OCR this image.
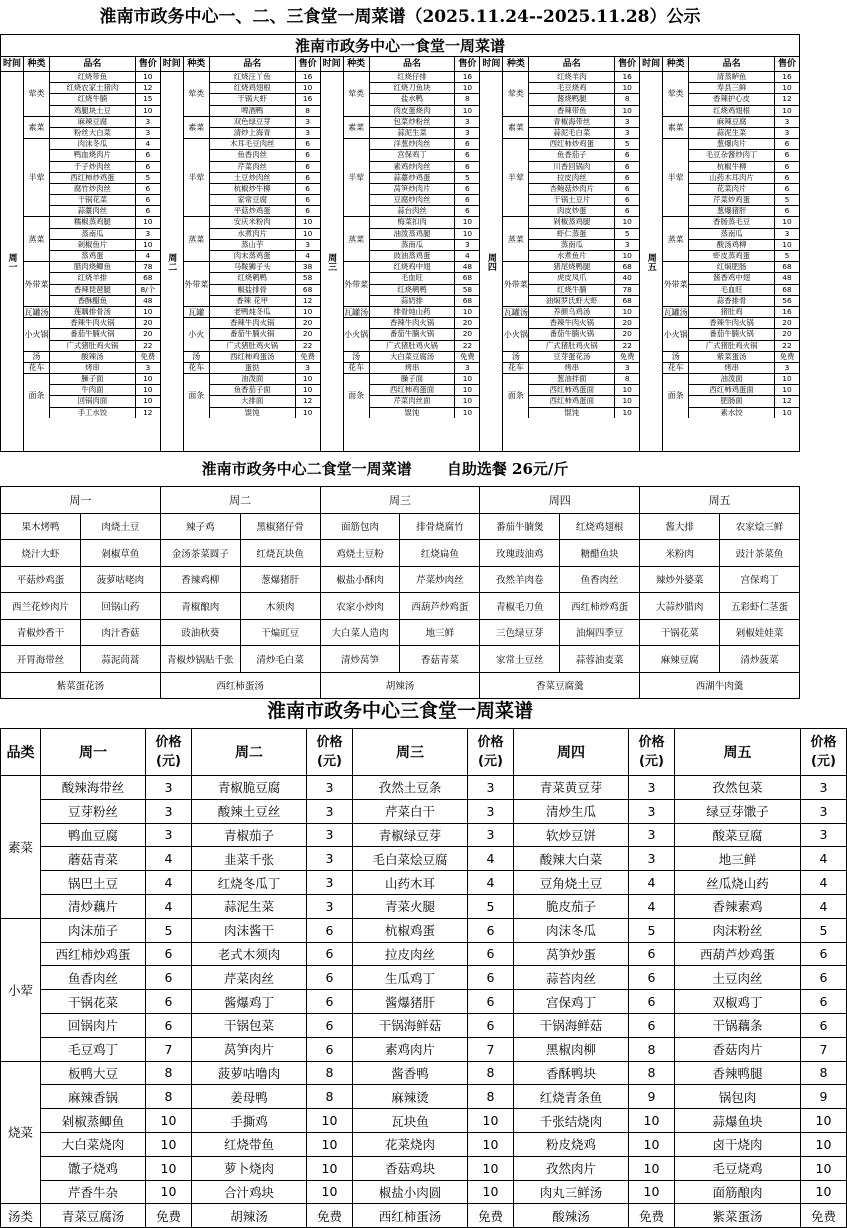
淮南市政务中心一、二、三食堂一周菜谱（2025.11.24--2025.11.28）公示
淮南市政务中心一食堂一周菜谱
时间 种类	品名	售价
周一
荤类
红烧带鱼	10
红烧农家土猪肉	12
红烧牛腩	15
鸡腿块土豆	10
素菜
麻辣豆腐	3
粉丝大白菜	3
半荤
肉沫冬瓜	4
鸭血烧肉片	6
千子炒肉丝	6
西红柿炒鸡蛋	5
腐竹炒肉丝	6
干锅花菜	6
蒜薹肉丝	6
蒸菜
糯椒蒸鸡腿	10
蒸南瓜	3
剁椒鱼片	10
蒸鸡蛋	4
外带菜
腊肉烧鲫鱼	78
红烧羊排	68
香辣琵琶腿	8/个
香酥醋鱼	48
瓦罐汤	莲藕排骨汤	10
小火锅
香辣牛肉火锅	20
番茄牛腩火锅	20
广式猪肚鸡火锅	22
汤	酸辣汤	免费
花车	烤串	3
面条
臊子面	10
牛肉面	10
回锅肉面	10
手工水饺	12
时间 种类	品名	售价
周二
荤类
红烧汪丫鱼	16
红烧鸡翅根	10
干锅大虾	16
啤酒鸭	8
素菜
双色绿豆芽	3
清炒上海青	3
半荤
木耳毛豆肉丝	6
鱼香肉丝	6
芹菜肉丝	6
土豆炒肉丝	6
杭椒炒牛柳	6
家常豆腐	6
平菇炒鸡蛋	6
蒸菜
安庆米粉肉	10
水煮肉片	10
蒸山芋	3
肉末蒸鸡蛋	4
外带菜
马鞍狮子头	38
红烧鹌鸭	58
椒盐排骨	68
香辣 花甲	12
瓦罐	老鸭炖冬瓜	10
小火
香辣牛肉火锅	20
番茄牛腩火锅	20
广式猪肚鸡火锅	22
汤	西红柿鸡蛋汤	免费
花车	蛋挞	3
面条
油泼面	10
鱼香茄子面	10
大排面	12
馄饨	10
时间 种类	品名	售价
周三
荤类
红烧仔排	16
红烧刀鱼块	10
盐水鸭	8
肉皮蛋烧肉	10
素菜
包菜炒粉丝	3
蒜泥生菜	3
半荤
洋葱炒肉丝	6
宫保鸡丁	6
素鸡炒肉丝	6
蒜薹炒鸡蛋	5
莴笋炒肉片	6
豆腐炒肉丝	6
蒜台肉丝	6
蒸菜
梅菜扣肉	10
油泼蒸鸡腿	10
蒸南瓜	3
豉油蒸鸡蛋	4
外带菜
红烧鸡中翅	48
毛血旺	68
红烧鹌鸭	58
蒜奶排	68
瓦罐汤	排骨炖山药	10
小火锅
香辣牛肉火锅	20
番茄牛腩火锅	20
广式猪肚鸡火锅	22
汤	大白菜豆腐汤	免费
花车	烤串	3
面条
臊子面	10
西红柿鸡蛋面	10
芹菜肉丝面	10
馄饨	10
时间 种类	品名	售价
周四
荤类
红烧羊肉	16
毛豆烧鸡	10
酱烧鸭腿	8
香辣带鱼	10
素菜
青椒海带丝	3
蒜泥毛白菜	3
半荤
西红柿炒鸡蛋	5
鱼香茄子	6
川香回锅肉	6
拉皮肉丝	6
杏鲍菇炒肉片	6
干锅土豆片	6
肉皮炒蛋	6
蒸菜
剁椒蒸鸡腿	10
虾仁蒸蛋	5
蒸南瓜	3
水煮鱼片	10
外带菜
猪尾烧鸭腿	68
虎皮凤爪	40
红烧牛腩	78
油焖罗氏虾大虾	68
瓦罐汤	养颜乌鸡汤	10
小火锅
香辣牛肉火锅	20
番茄牛腩火锅	20
广式猪肚鸡火锅	22
汤	豆芽蛋花汤	免费
花车	烤串	3
面条
葱油拌面	8
西红柿鸡蛋面	10
西红柿鸡蛋面	10
馄饨	10
时间 种类	品名	售价
周五
荤类
清蒸鲈鱼	16
寿县三鲜	10
香辣护心皮	12
红烧鸡翅根	10
素菜
麻辣豆腐	3
蒜泥生菜	3
半荤
葱爆肉片	6
毛豆杂酱炒肉丁	6
杭椒牛柳	6
山药木耳肉片	6
花菜肉片	6
芹菜炒鸡蛋	5
葱爆猪肝	6
蒸菜
香肠蒸毛豆	10
蒸南瓜	3
酸汤鸡柳	10
虾皮蒸鸡蛋	5
外带菜
红焖肥肠	68
酱香鸡中翅	48
毛血旺	68
蒜香排骨	56
瓦罐汤	猪肚鸡	16
小火锅
香辣牛肉火锅	20
番茄牛腩火锅	20
广式猪肚鸡火锅	22
汤	紫菜蛋汤	免费
花车	烤串	3
面条
油泼面	10
西红柿鸡蛋面	10
肥肠面	12
素水饺	10
淮南市政务中心二食堂一周菜谱 自助选餐 26元/斤
周一		周二		周三		周四		周五	
果木烤鸭	肉烧土豆	辣子鸡	黑椒猪仔骨	面筋包肉	排骨烧腐竹	番茄牛腩煲	红烧鸡翅根	酱大排	农家烩三鲜
烧汁大虾	剁椒草鱼	金汤茶菜圆子	红烧瓦块鱼	鸡烧土豆粉	红烧扁鱼	玫瑰豉油鸡	糖醋鱼块	米粉肉	豉汁茶菜鱼
平菇炒鸡蛋	菠萝咕咾肉	香辣鸡柳	葱爆猪肝	椒盐小酥肉	芹菜炒肉丝	孜然羊肉卷	鱼香肉丝	辣炒外婆菜	宫保鸡丁
西兰花炒肉片	回锅山药	青椒酿肉	木须肉	农家小炒肉	西葫芦炒鸡蛋	青椒毛刀鱼	西红柿炒鸡蛋	大蒜炒腊肉	五彩虾仁茎蛋
青椒炒香干	肉汁香菇	豉油秋葵	干煸豇豆	大白菜人造肉	地三鲜	三色绿豆芽	油焖四季豆	干锅花菜	剁椒娃娃菜
开胃海带丝	蒜泥茼蒿	青椒炒锅贴千张	清炒毛白菜	清炒莴笋	香菇青菜	家常土豆丝	蒜蓉油麦菜	麻辣豆腐	清炒菠菜
紫菜蛋花汤		西红柿蛋汤		胡辣汤		香菜豆腐羹		西湖牛肉羹	
淮南市政务中心三食堂一周菜谱
品类	周一	价格(元)	周二	价格(元)	周三	价格(元)	周四	价格(元)	周五	价格(元)
素菜	酸辣海带丝	3	青椒脆豆腐	3	孜然土豆条	3	青菜黄豆芽	3	孜然包菜	3
	豆芽粉丝	3	酸辣土豆丝	3	芹菜白干	3	清炒生瓜	3	绿豆芽馓子	3
	鸭血豆腐	3	青椒茄子	3	青椒绿豆芽	3	软炒豆饼	3	酸菜豆腐	3
	蘑菇青菜	4	韭菜千张	3	毛白菜烩豆腐	4	酸辣大白菜	3	地三鲜	4
	锅巴土豆	4	红烧冬瓜丁	3	山药木耳	4	豆角烧土豆	4	丝瓜烧山药	4
	清炒藕片	4	蒜泥生菜	3	青菜火腿	5	脆皮茄子	4	香辣素鸡	4
小荤	肉沫茄子	5	肉沫酱干	6	杭椒鸡蛋	6	肉沫冬瓜	5	肉沫粉丝	5
	西红柿炒鸡蛋	6	老式木须肉	6	拉皮肉丝	6	莴笋炒蛋	6	西葫芦炒鸡蛋	6
	鱼香肉丝	6	芹菜肉丝	6	生瓜鸡丁	6	蒜苔肉丝	6	土豆肉丝	6
	干锅花菜	6	酱爆鸡丁	6	酱爆猪肝	6	宫保鸡丁	6	双椒鸡丁	6
	回锅肉片	6	干锅包菜	6	干锅海鲜菇	6	干锅海鲜菇	6	干锅藕条	6
	毛豆鸡丁	7	莴笋肉片	6	素鸡肉片	7	黑椒肉柳	8	香菇肉片	7
烧菜	板鸭大豆	8	菠萝咕噜肉	8	酱香鸭	8	香酥鸭块	8	香辣鸭腿	8
	麻辣香锅	8	姜母鸭	8	麻辣烫	8	红烧青条鱼	9	锅包肉	9
	剁椒蒸鲫鱼	10	手撕鸡	10	瓦块鱼	10	千张结烧肉	10	蒜爆鱼块	10
	大白菜烧肉	10	红烧带鱼	10	花菜烧肉	10	粉皮烧鸡	10	卤干烧肉	10
	馓子烧鸡	10	萝卜烧肉	10	香菇鸡块	10	孜然肉片	10	毛豆烧鸡	10
	芹香牛杂	10	合汁鸡块	10	椒盐小肉圆	10	肉丸三鲜汤	10	面筋酿肉	10
汤类	青菜豆腐汤	免费	胡辣汤	免费	西红柿蛋汤	免费	酸辣汤	免费	紫菜蛋汤	免费
